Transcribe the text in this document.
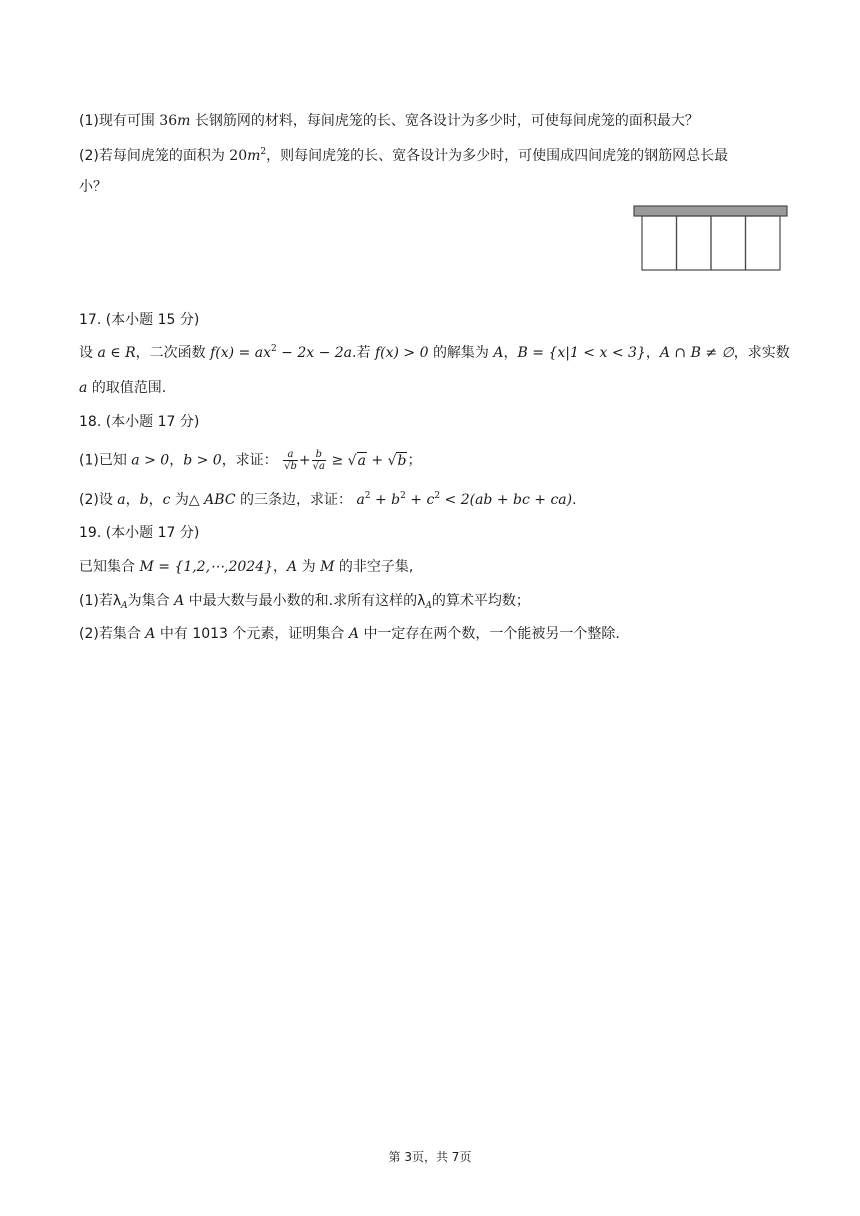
(1)现有可围 36m 长钢筋网的材料，每间虎笼的长、宽各设计为多少时，可使每间虎笼的面积最大？
(2)若每间虎笼的面积为 $20m^2$，则每间虎笼的长、宽各设计为多少时，可使围成四间虎笼的钢筋网总长最
小？
17. (本小题 15 分)
设 a ∈ R，二次函数 $f(x) = ax^2 - 2x - 2a$.若 f(x) > 0 的解集为 A，B = {x|1 < x < 3}，A ∩ B ≠ ∅，求实数
a 的取值范围.
18. (本小题 17 分)
(1)已知 a > 0，b > 0，求证： $\frac{a}{√b} + \frac{b}{√a} \ge √a + √b$；
(2)设 a，b，c 为△ ABC 的三条边，求证： $a^2 + b^2 + c^2 < 2(ab$ + bc + ca).
19. (本小题 17 分)
已知集合 M = {1,2,⋯,2024}，A 为 M 的非空子集,
(1)若$\lambda_A$为集合 A 中最大数与最小数的和.求所有这样的$\lambda_A$的算术平均数；
(2)若集合 A 中有 1013 个元素，证明集合 A 中一定存在两个数，一个能被另一个整除.
第 3页，共 7页
